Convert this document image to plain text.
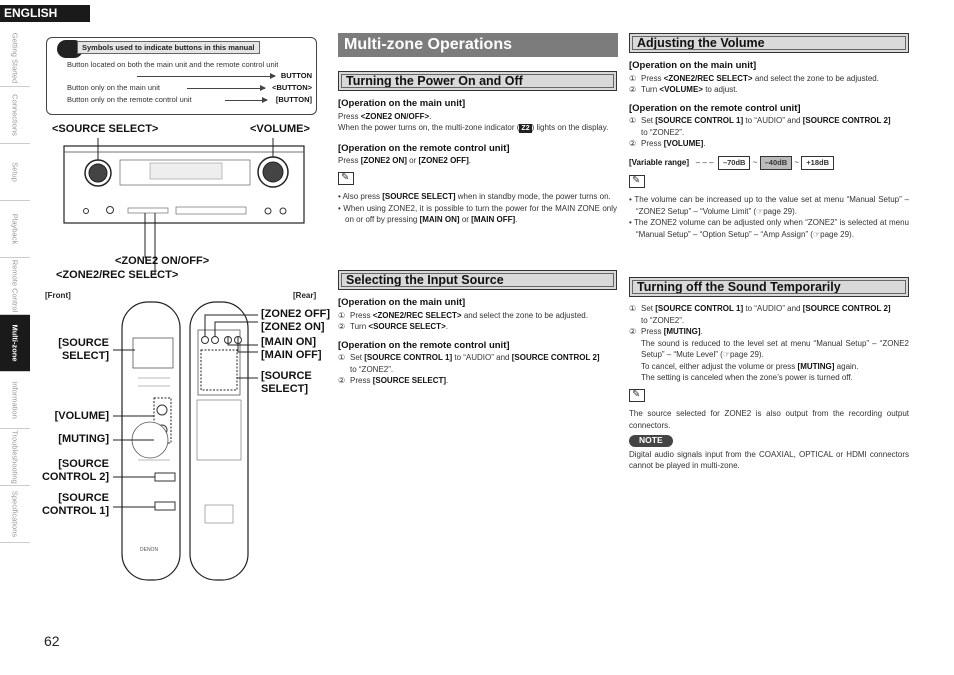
ENGLISH
Getting Started
Connections
Setup
Playback
Remote Control
Multi-zone
Information
Troubleshooting
Specifications
62
Symbols used to indicate buttons in this manual
Button located on both the main unit and the remote control unit
BUTTON
Button only on the main unit	<BUTTON>
Button only on the remote control unit	[BUTTON]
<SOURCE SELECT>	<VOLUME>
<ZONE2 ON/OFF>
<ZONE2/REC SELECT>
[Front]	[Rear]
[SOURCE
SELECT]
[VOLUME]
[MUTING]
[SOURCE
CONTROL 2]
[SOURCE
CONTROL 1]
[ZONE2 OFF]
[ZONE2 ON]
[MAIN ON]
[MAIN OFF]
[SOURCE
SELECT]
DENON
Multi-zone Operations
Turning the Power On and Off
[Operation on the main unit]
Press <ZONE2 ON/OFF>.
When the power turns on, the multi-zone indicator ( Z2 ) lights on the display.
[Operation on the remote control unit]
Press [ZONE2 ON] or [ZONE2 OFF].
✎
• Also press [SOURCE SELECT] when in standby mode, the power turns on.
• When using ZONE2, it is possible to turn the power for the MAIN ZONE only on or off by pressing [MAIN ON] or [MAIN OFF].
Selecting the Input Source
[Operation on the main unit]
① Press <ZONE2/REC SELECT> and select the zone to be adjusted.
② Turn <SOURCE SELECT>.
[Operation on the remote control unit]
① Set [SOURCE CONTROL 1] to “AUDIO” and [SOURCE CONTROL 2]
to “ZONE2”.
② Press [SOURCE SELECT].
Adjusting the Volume
[Operation on the main unit]
① Press <ZONE2/REC SELECT> and select the zone to be adjusted.
② Turn <VOLUME> to adjust.
[Operation on the remote control unit]
① Set [SOURCE CONTROL 1] to “AUDIO” and [SOURCE CONTROL 2]
to “ZONE2”.
② Press [VOLUME].
[Variable range] – – – –70dB ~ –40dB ~ +18dB
✎
• The volume can be increased up to the value set at menu “Manual Setup” – “ZONE2 Setup” – “Volume Limit” (☞page 29).
• The ZONE2 volume can be adjusted only when “ZONE2” is selected at menu “Manual Setup” – “Option Setup” – “Amp Assign” (☞page 29).
Turning off the Sound Temporarily
① Set [SOURCE CONTROL 1] to “AUDIO” and [SOURCE CONTROL 2]
to “ZONE2”.
② Press [MUTING].
The sound is reduced to the level set at menu “Manual Setup” – “ZONE2 Setup” – “Mute Level” (☞page 29).
To cancel, either adjust the volume or press [MUTING] again.
The setting is canceled when the zone’s power is turned off.
✎
The source selected for ZONE2 is also output from the recording output connectors.
NOTE
Digital audio signals input from the COAXIAL, OPTICAL or HDMI connectors cannot be played in multi-zone.
